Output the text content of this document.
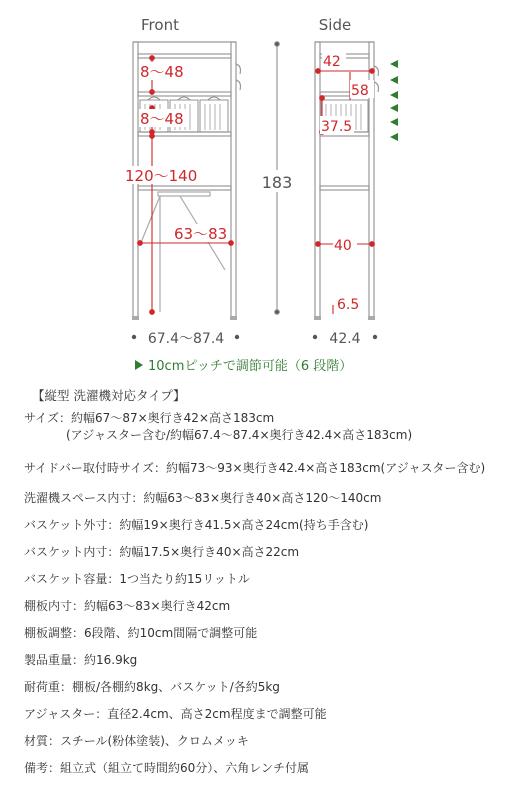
Front	Side
8～48
8～48
120～140
63～83
67.4～87.4
183
42
58
37.5
40
6.5
42.4
10cmピッチで調節可能（6 段階）
【縦型 洗濯機対応タイプ】
サイズ：約幅67～87×奥行き42×高さ183cm
(アジャスター含む/約幅67.4～87.4×奥行き42.4×高さ183cm)
サイドバー取付時サイズ：約幅73～93×奥行き42.4×高さ183cm(アジャスター含む)
洗濯機スペース内寸：約幅63～83×奥行き40×高さ120～140cm
バスケット外寸：約幅19×奥行き41.5×高さ24cm(持ち手含む)
バスケット内寸：約幅17.5×奥行き40×高さ22cm
バスケット容量：1つ当たり約15リットル
棚板内寸：約幅63～83×奥行き42cm
棚板調整：6段階、約10cm間隔で調整可能
製品重量：約16.9kg
耐荷重：棚板/各棚約8kg、バスケット/各約5kg
アジャスター：直径2.4cm、高さ2cm程度まで調整可能
材質：スチール(粉体塗装)、クロムメッキ
備考：組立式（組立て時間約60分）、六角レンチ付属
